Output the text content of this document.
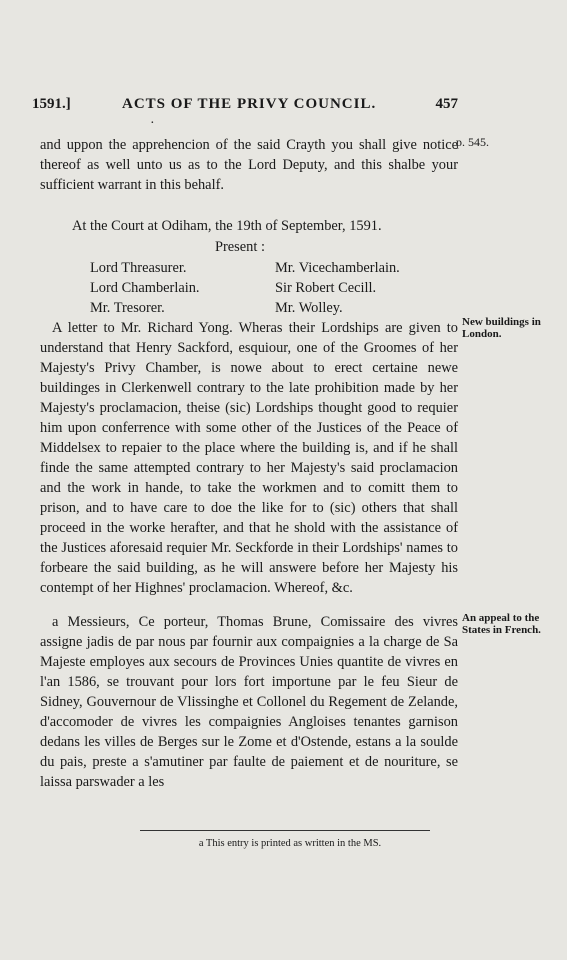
1591.]	ACTS OF THE PRIVY COUNCIL.	457
·

and uppon the apprehencion of the said Crayth you shall give notice thereof as well unto us as to the Lord Deputy, and this shalbe your sufficient warrant in this behalf.

p. 545.
At the Court at Odiham, the 19th of September, 1591.
Present :
Lord Threasurer.
Lord Chamberlain.
Mr. Tresorer.
Mr. Vicechamberlain.
Sir Robert Cecill.
Mr. Wolley.

A letter to Mr. Richard Yong. Wheras their Lordships are given to understand that Henry Sackford, esquiour, one of the Groomes of her Majesty's Privy Chamber, is nowe about to erect certaine newe buildinges in Clerkenwell contrary to the late prohibition made by her Majesty's proclamacion, theise (sic) Lordships thought good to requier him upon conferrence with some other of the Justices of the Peace of Middelsex to repaier to the place where the building is, and if he shall finde the same attempted contrary to her Majesty's said proclamacion and the work in hande, to take the workmen and to comitt them to prison, and to have care to doe the like for to (sic) others that shall proceed in the worke herafter, and that he shold with the assistance of the Justices aforesaid requier Mr. Seckforde in their Lordships' names to forbeare the said building, as he will answere before her Majesty his contempt of her Highnes' proclamacion. Whereof, &c.

New buildings in London.

a Messieurs, Ce porteur, Thomas Brune, Comissaire des vivres assigne jadis de par nous par fournir aux compaignies a la charge de Sa Majeste employes aux secours de Provinces Unies quantite de vivres en l'an 1586, se trouvant pour lors fort importune par le feu Sieur de Sidney, Gouvernour de Vlissinghe et Collonel du Regement de Zelande, d'accomoder de vivres les compaignies Angloises tenantes garnison dedans les villes de Berges sur le Zome et d'Ostende, estans a la soulde du pais, preste a s'amutiner par faulte de paiement et de nouriture, se laissa parswader a les

An appeal to the States in French.
a This entry is printed as written in the MS.
